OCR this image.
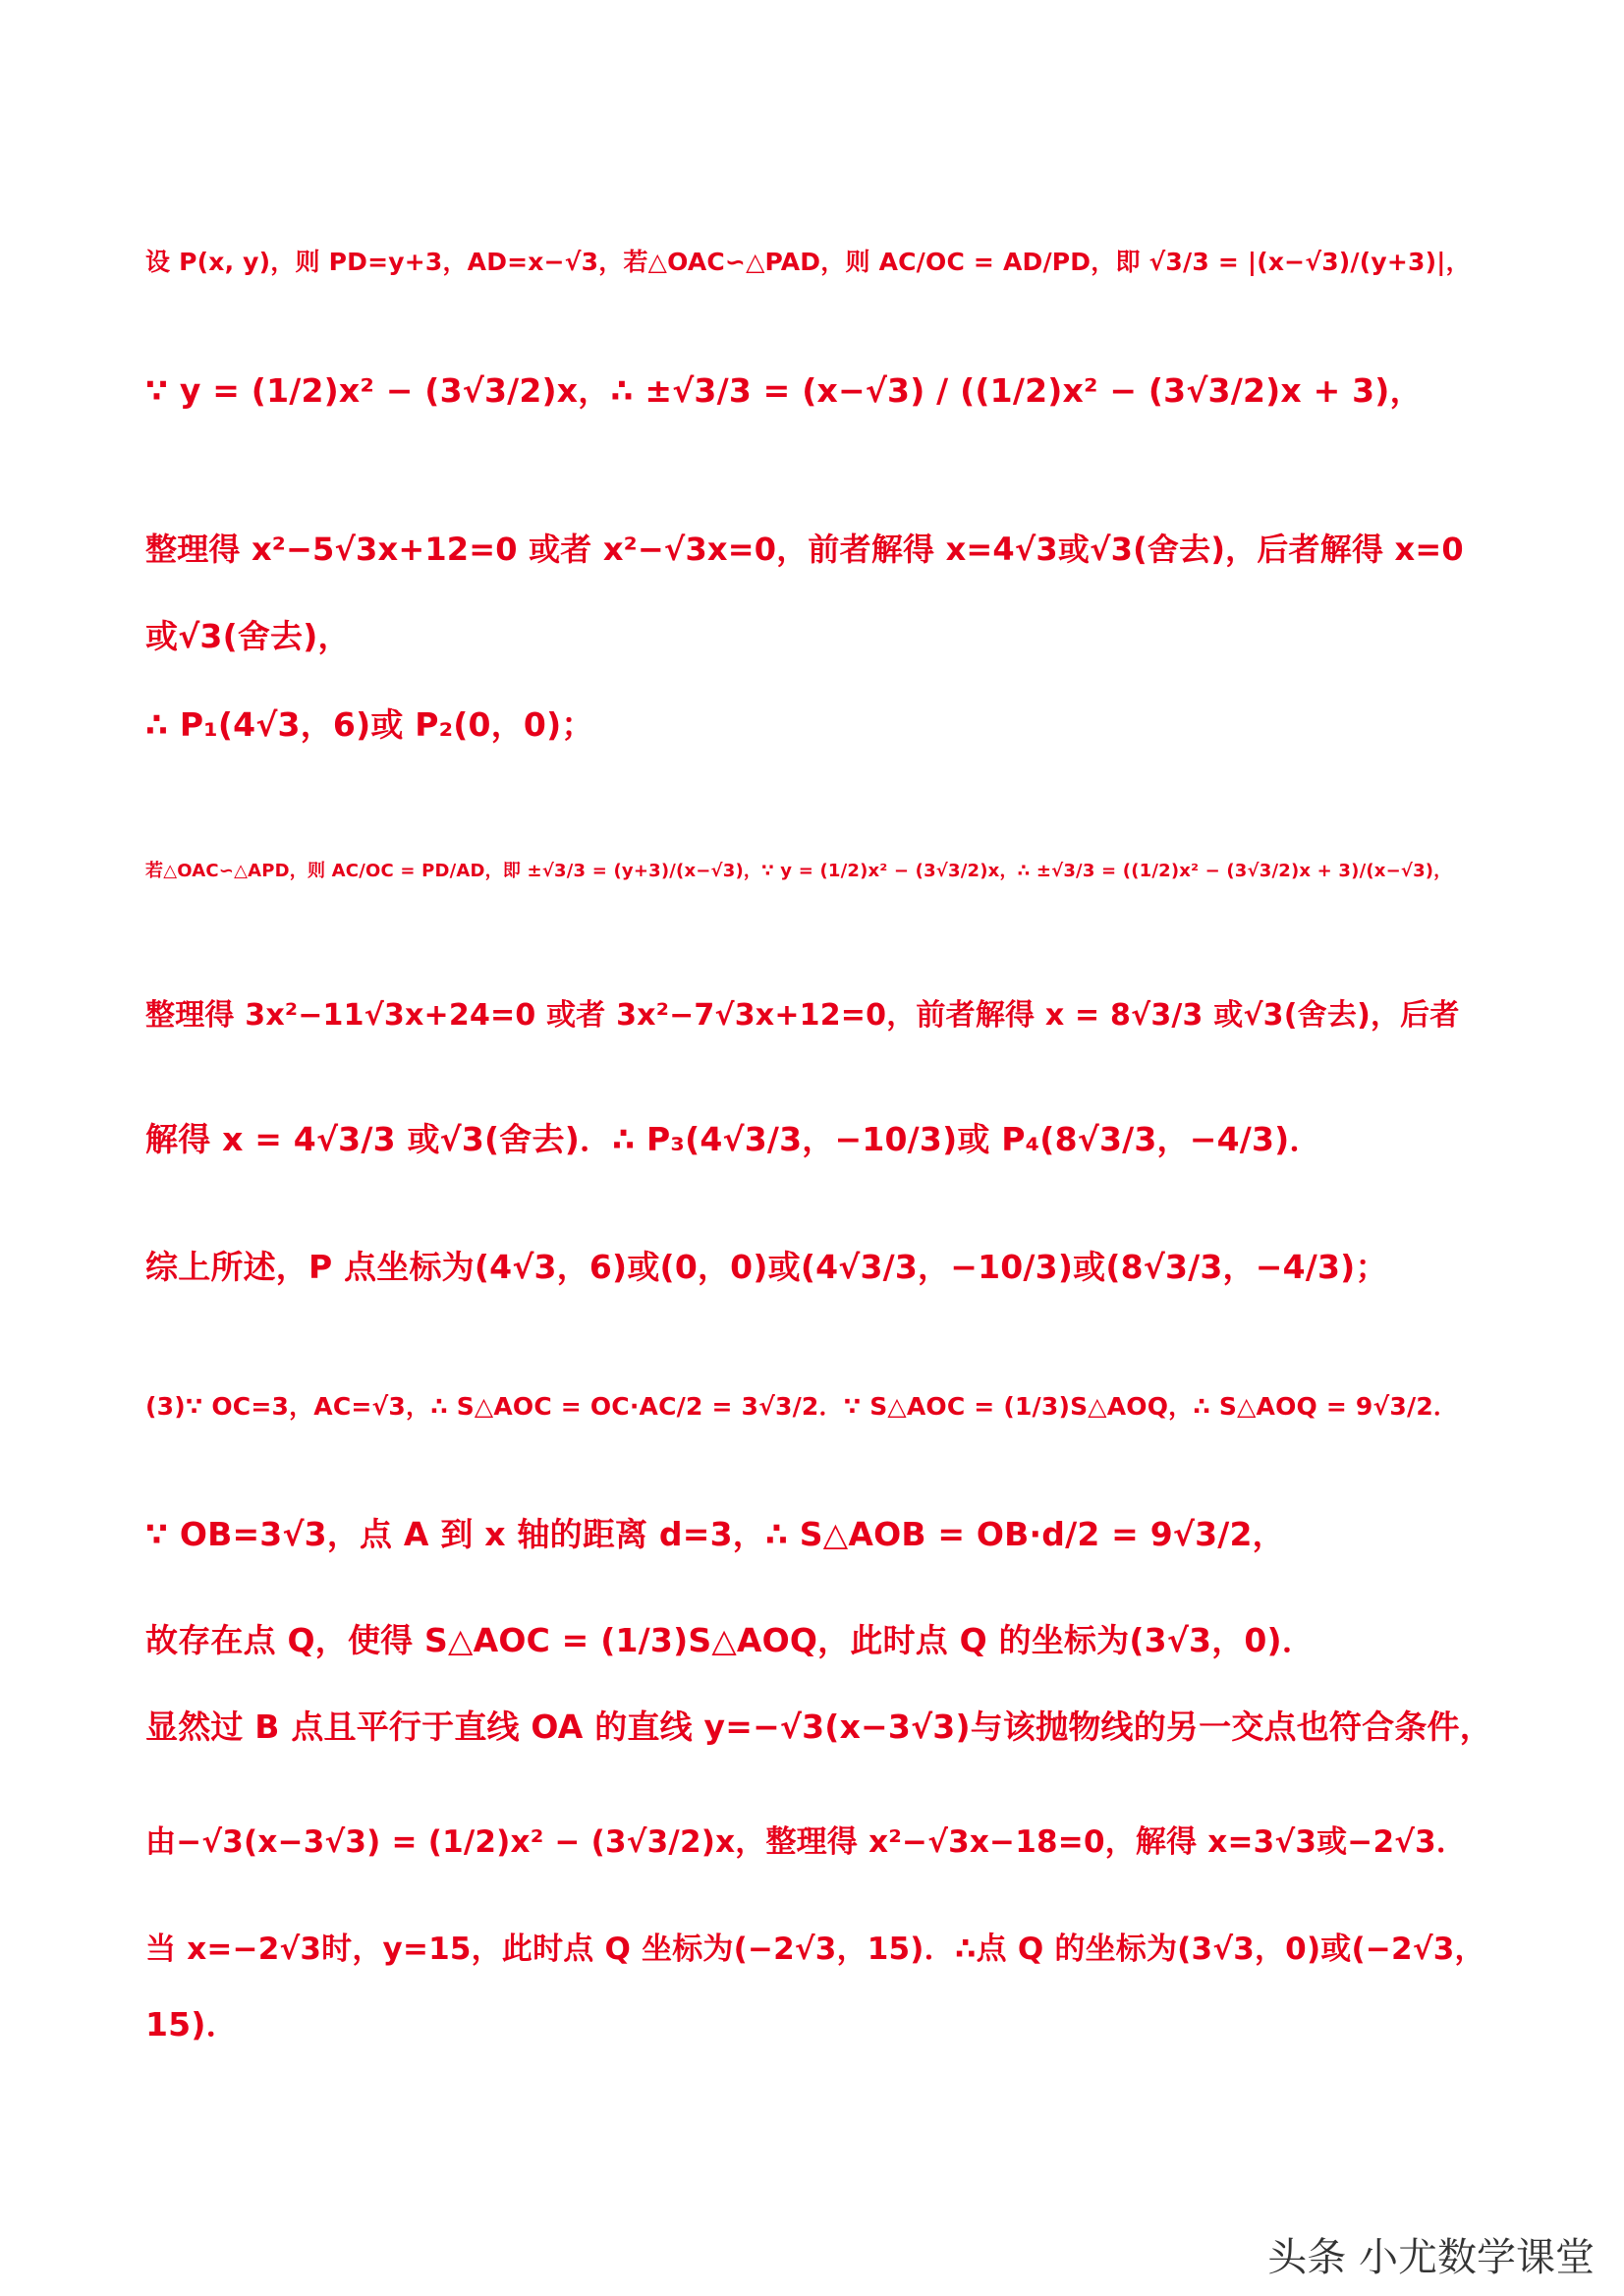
设 P(x, y)，则 PD=y+3，AD=x−√3，若△OAC∽△PAD，则 AC/OC = AD/PD，即 √3/3 = |(x−√3)/(y+3)|，
∵ y = (1/2)x² − (3√3/2)x，∴ ±√3/3 = (x−√3) / ((1/2)x² − (3√3/2)x + 3)，
整理得 x²−5√3x+12=0 或者 x²−√3x=0，前者解得 x=4√3或√3(舍去)，后者解得 x=0
或√3(舍去)，
∴ P₁(4√3，6)或 P₂(0，0)；
若△OAC∽△APD，则 AC/OC = PD/AD，即 ±√3/3 = (y+3)/(x−√3)，∵ y = (1/2)x² − (3√3/2)x，∴ ±√3/3 = ((1/2)x² − (3√3/2)x + 3)/(x−√3)，
整理得 3x²−11√3x+24=0 或者 3x²−7√3x+12=0，前者解得 x = 8√3/3 或√3(舍去)，后者
解得 x = 4√3/3 或√3(舍去)．∴ P₃(4√3/3，−10/3)或 P₄(8√3/3，−4/3)．
综上所述，P 点坐标为(4√3，6)或(0，0)或(4√3/3，−10/3)或(8√3/3，−4/3)；
(3)∵ OC=3，AC=√3，∴ S△AOC = OC·AC/2 = 3√3/2．∵ S△AOC = (1/3)S△AOQ，∴ S△AOQ = 9√3/2．
∵ OB=3√3，点 A 到 x 轴的距离 d=3，∴ S△AOB = OB·d/2 = 9√3/2，
故存在点 Q，使得 S△AOC = (1/3)S△AOQ，此时点 Q 的坐标为(3√3，0)．
显然过 B 点且平行于直线 OA 的直线 y=−√3(x−3√3)与该抛物线的另一交点也符合条件，
由−√3(x−3√3) = (1/2)x² − (3√3/2)x，整理得 x²−√3x−18=0，解得 x=3√3或−2√3．
当 x=−2√3时，y=15，此时点 Q 坐标为(−2√3，15)．∴点 Q 的坐标为(3√3，0)或(−2√3，
15)．
头条 小尤数学课堂
